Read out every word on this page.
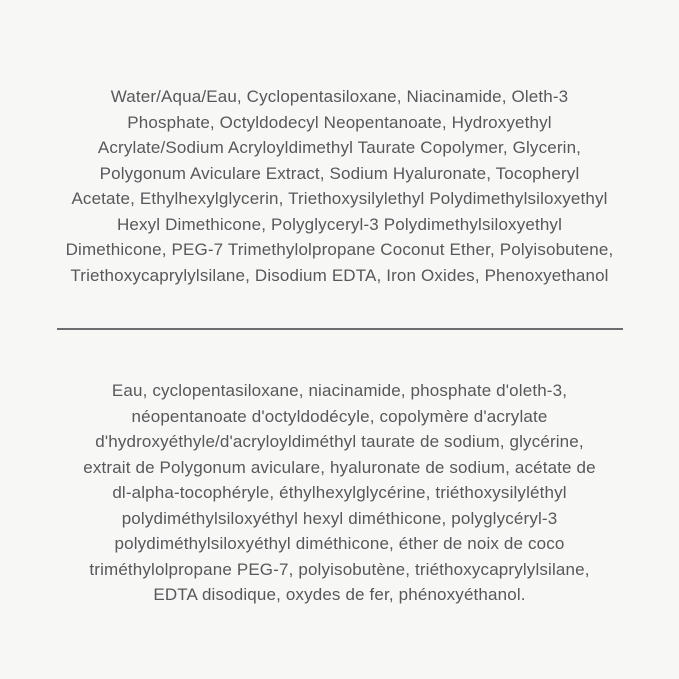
Water/Aqua/Eau, Cyclopentasiloxane, Niacinamide, Oleth-3
Phosphate, Octyldodecyl Neopentanoate, Hydroxyethyl
Acrylate/Sodium Acryloyldimethyl Taurate Copolymer, Glycerin,
Polygonum Aviculare Extract, Sodium Hyaluronate, Tocopheryl
Acetate, Ethylhexylglycerin, Triethoxysilylethyl Polydimethylsiloxyethyl
Hexyl Dimethicone, Polyglyceryl-3 Polydimethylsiloxyethyl
Dimethicone, PEG-7 Trimethylolpropane Coconut Ether, Polyisobutene,
Triethoxycaprylylsilane, Disodium EDTA, Iron Oxides, Phenoxyethanol
Eau, cyclopentasiloxane, niacinamide, phosphate d'oleth-3,
néopentanoate d'octyldodécyle, copolymère d'acrylate
d'hydroxyéthyle/d'acryloyldiméthyl taurate de sodium, glycérine,
extrait de Polygonum aviculare, hyaluronate de sodium, acétate de
dl-alpha-tocophéryle, éthylhexylglycérine, triéthoxysilyléthyl
polydiméthylsiloxyéthyl hexyl diméthicone, polyglycéryl-3
polydiméthylsiloxyéthyl diméthicone, éther de noix de coco
triméthylolpropane PEG-7, polyisobutène, triéthoxycaprylylsilane,
EDTA disodique, oxydes de fer, phénoxyéthanol.
